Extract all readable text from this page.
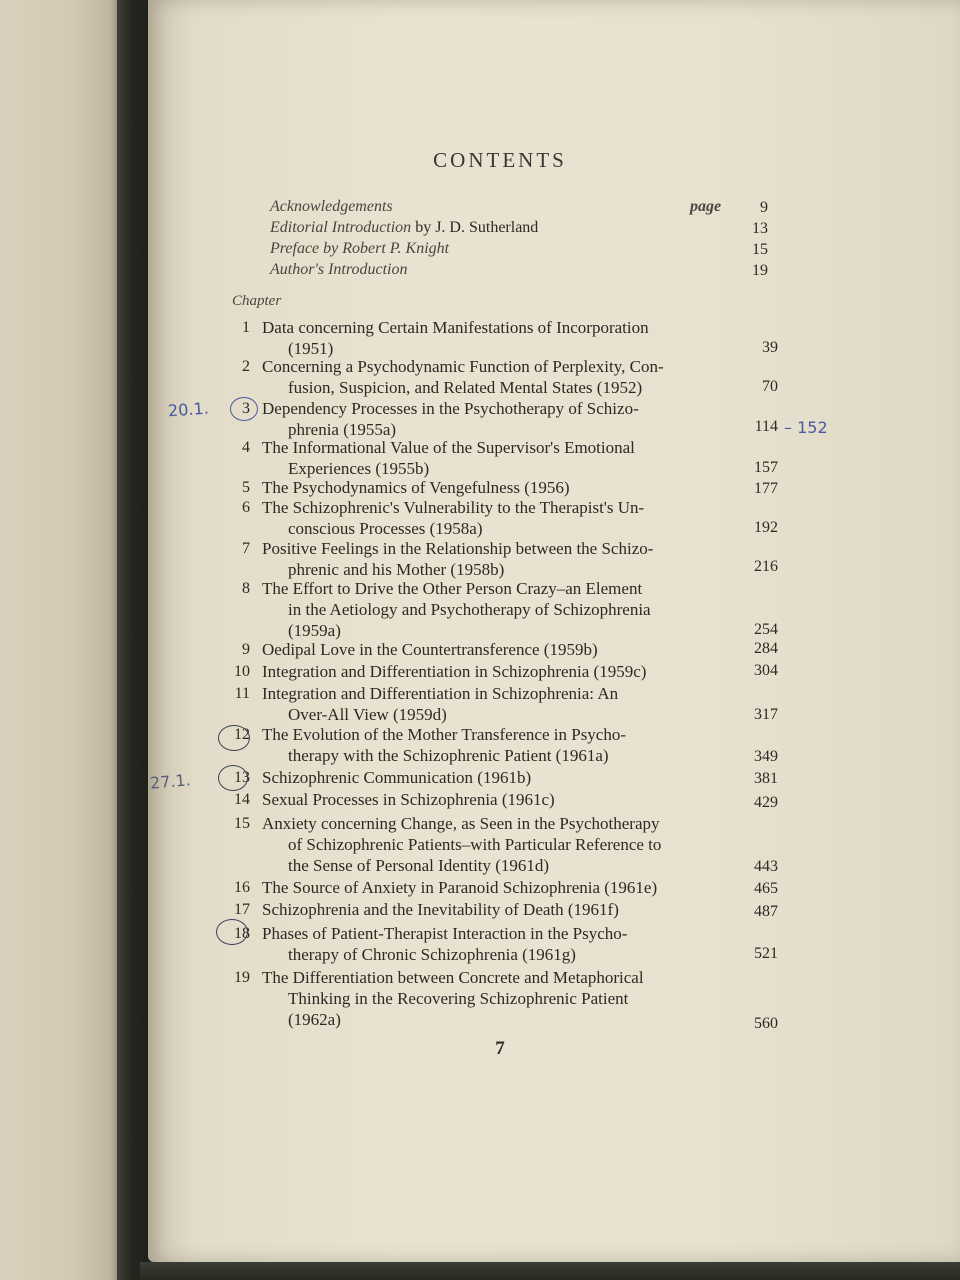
CONTENTS
Acknowledgements	page	9
Editorial Introduction by J. D. Sutherland	13
Preface by Robert P. Knight	15
Author's Introduction	19
Chapter
1 Data concerning Certain Manifestations of Incorporation
(1951)	39
2 Concerning a Psychodynamic Function of Perplexity, Con-
fusion, Suspicion, and Related Mental States (1952)	70
3 Dependency Processes in the Psychotherapy of Schizo-
phrenia (1955a)	114
4 The Informational Value of the Supervisor's Emotional
Experiences (1955b)	157
5 The Psychodynamics of Vengefulness (1956)	177
6 The Schizophrenic's Vulnerability to the Therapist's Un-
conscious Processes (1958a)	192
7 Positive Feelings in the Relationship between the Schizo-
phrenic and his Mother (1958b)	216
8 The Effort to Drive the Other Person Crazy–an Element
in the Aetiology and Psychotherapy of Schizophrenia
(1959a)	254
9 Oedipal Love in the Countertransference (1959b)	284
10 Integration and Differentiation in Schizophrenia (1959c)	304
11 Integration and Differentiation in Schizophrenia: An
Over-All View (1959d)	317
12 The Evolution of the Mother Transference in Psycho-
therapy with the Schizophrenic Patient (1961a)	349
13 Schizophrenic Communication (1961b)	381
14 Sexual Processes in Schizophrenia (1961c)	429
15 Anxiety concerning Change, as Seen in the Psychotherapy
of Schizophrenic Patients–with Particular Reference to
the Sense of Personal Identity (1961d)	443
16 The Source of Anxiety in Paranoid Schizophrenia (1961e)	465
17 Schizophrenia and the Inevitability of Death (1961f)	487
18 Phases of Patient-Therapist Interaction in the Psycho-
therapy of Chronic Schizophrenia (1961g)	521
19 The Differentiation between Concrete and Metaphorical
Thinking in the Recovering Schizophrenic Patient
(1962a)	560
7
20.1.
– 152
27.1.
